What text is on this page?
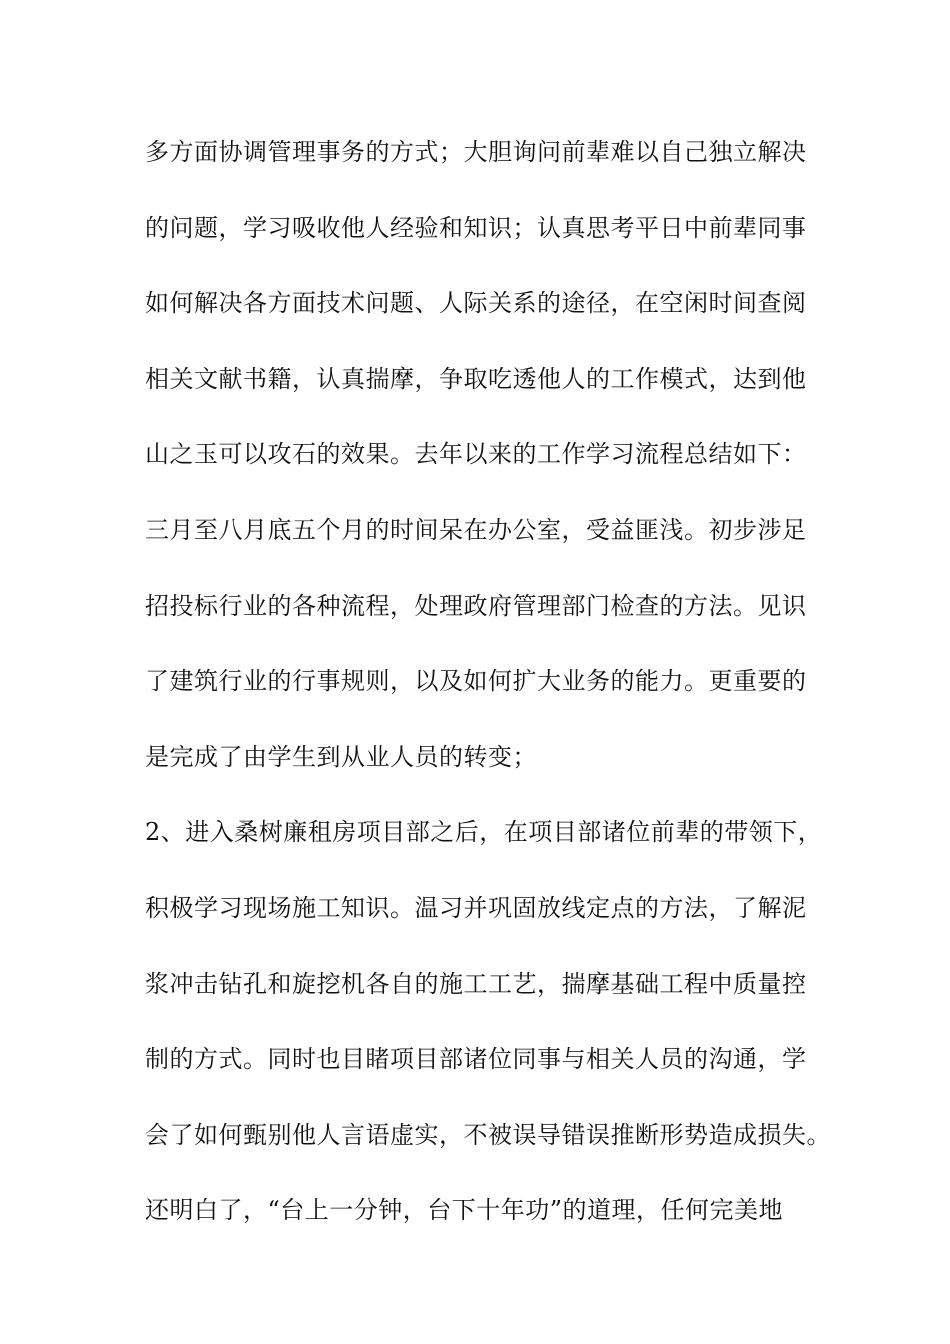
多方面协调管理事务的方式；大胆询问前辈难以自己独立解决
的问题，学习吸收他人经验和知识；认真思考平日中前辈同事
如何解决各方面技术问题、人际关系的途径，在空闲时间查阅
相关文献书籍，认真揣摩，争取吃透他人的工作模式，达到他
山之玉可以攻石的效果。去年以来的工作学习流程总结如下：
三月至八月底五个月的时间呆在办公室，受益匪浅。初步涉足
招投标行业的各种流程，处理政府管理部门检查的方法。见识
了建筑行业的行事规则，以及如何扩大业务的能力。更重要的
是完成了由学生到从业人员的转变；
2、进入桑树廉租房项目部之后，在项目部诸位前辈的带领下，
积极学习现场施工知识。温习并巩固放线定点的方法，了解泥
浆冲击钻孔和旋挖机各自的施工工艺，揣摩基础工程中质量控
制的方式。同时也目睹项目部诸位同事与相关人员的沟通，学
会了如何甄别他人言语虚实，不被误导错误推断形势造成损失。
还明白了，“台上一分钟，台下十年功”的道理，任何完美地
